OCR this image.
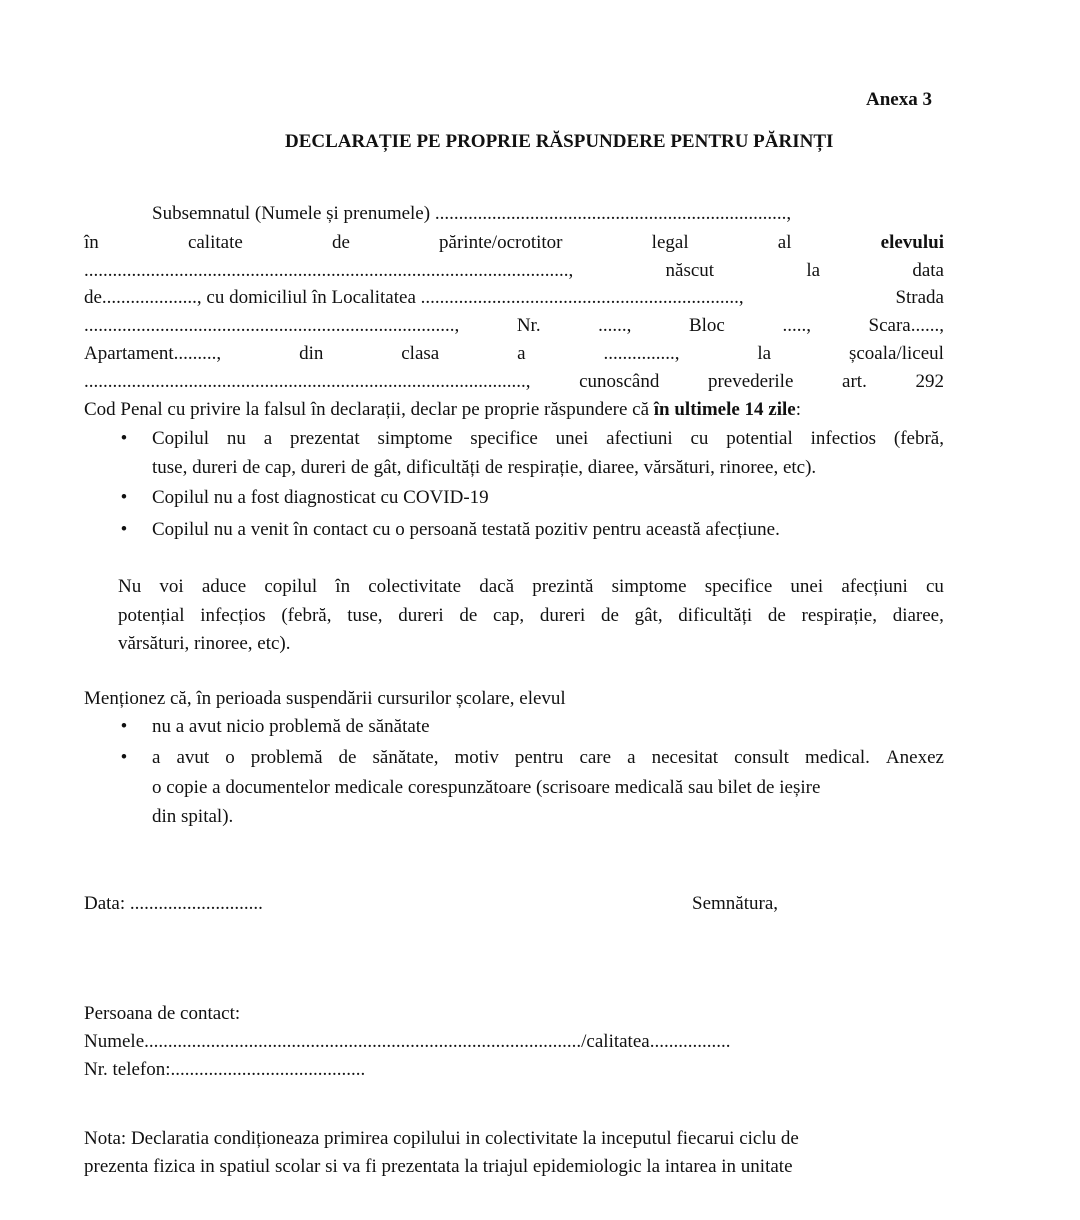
Anexa 3
DECLARAȚIE PE PROPRIE RĂSPUNDERE PENTRU PĂRINȚI
Subsemnatul (Numele și prenumele) ..........................................................................,
în	calitate	de	părinte/ocrotitor	legal	al	elevului
......................................................................................................,	născut	la	data
de...................., cu domiciliul în Localitatea ...................................................................,	Strada
..............................................................................,	Nr.	......,	Bloc	.....,	Scara......,
Apartament.........,	din	clasa	a	...............,	la	școala/liceul
.............................................................................................,	cunoscând	prevederile	art.	292
Cod Penal cu privire la falsul în declarații, declar pe proprie răspundere că în ultimele 14 zile:
• Copilul nu a prezentat simptome specifice unei afectiuni cu potential infectios (febră,
tuse, dureri de cap, dureri de gât, dificultăți de respirație, diaree, vărsături, rinoree, etc).
• Copilul nu a fost diagnosticat cu COVID-19
• Copilul nu a venit în contact cu o persoană testată pozitiv pentru această afecțiune.
Nu voi aduce copilul în colectivitate dacă prezintă simptome specifice unei afecțiuni cu
potențial infecțios (febră, tuse, dureri de cap, dureri de gât, dificultăți de respirație, diaree,
vărsături, rinoree, etc).
Menționez că, în perioada suspendării cursurilor școlare, elevul
• nu a avut nicio problemă de sănătate
• a avut o problemă de sănătate, motiv pentru care a necesitat consult medical. Anexez
o copie a documentelor medicale corespunzătoare (scrisoare medicală sau bilet de ieșire
din spital).
Data: ............................	Semnătura,
Persoana de contact:
Numele............................................................................................/calitatea.................
Nr. telefon:.........................................
Nota: Declaratia condiționeaza primirea copilului in colectivitate la inceputul fiecarui ciclu de
prezenta fizica in spatiul scolar si va fi prezentata la triajul epidemiologic la intarea in unitate
